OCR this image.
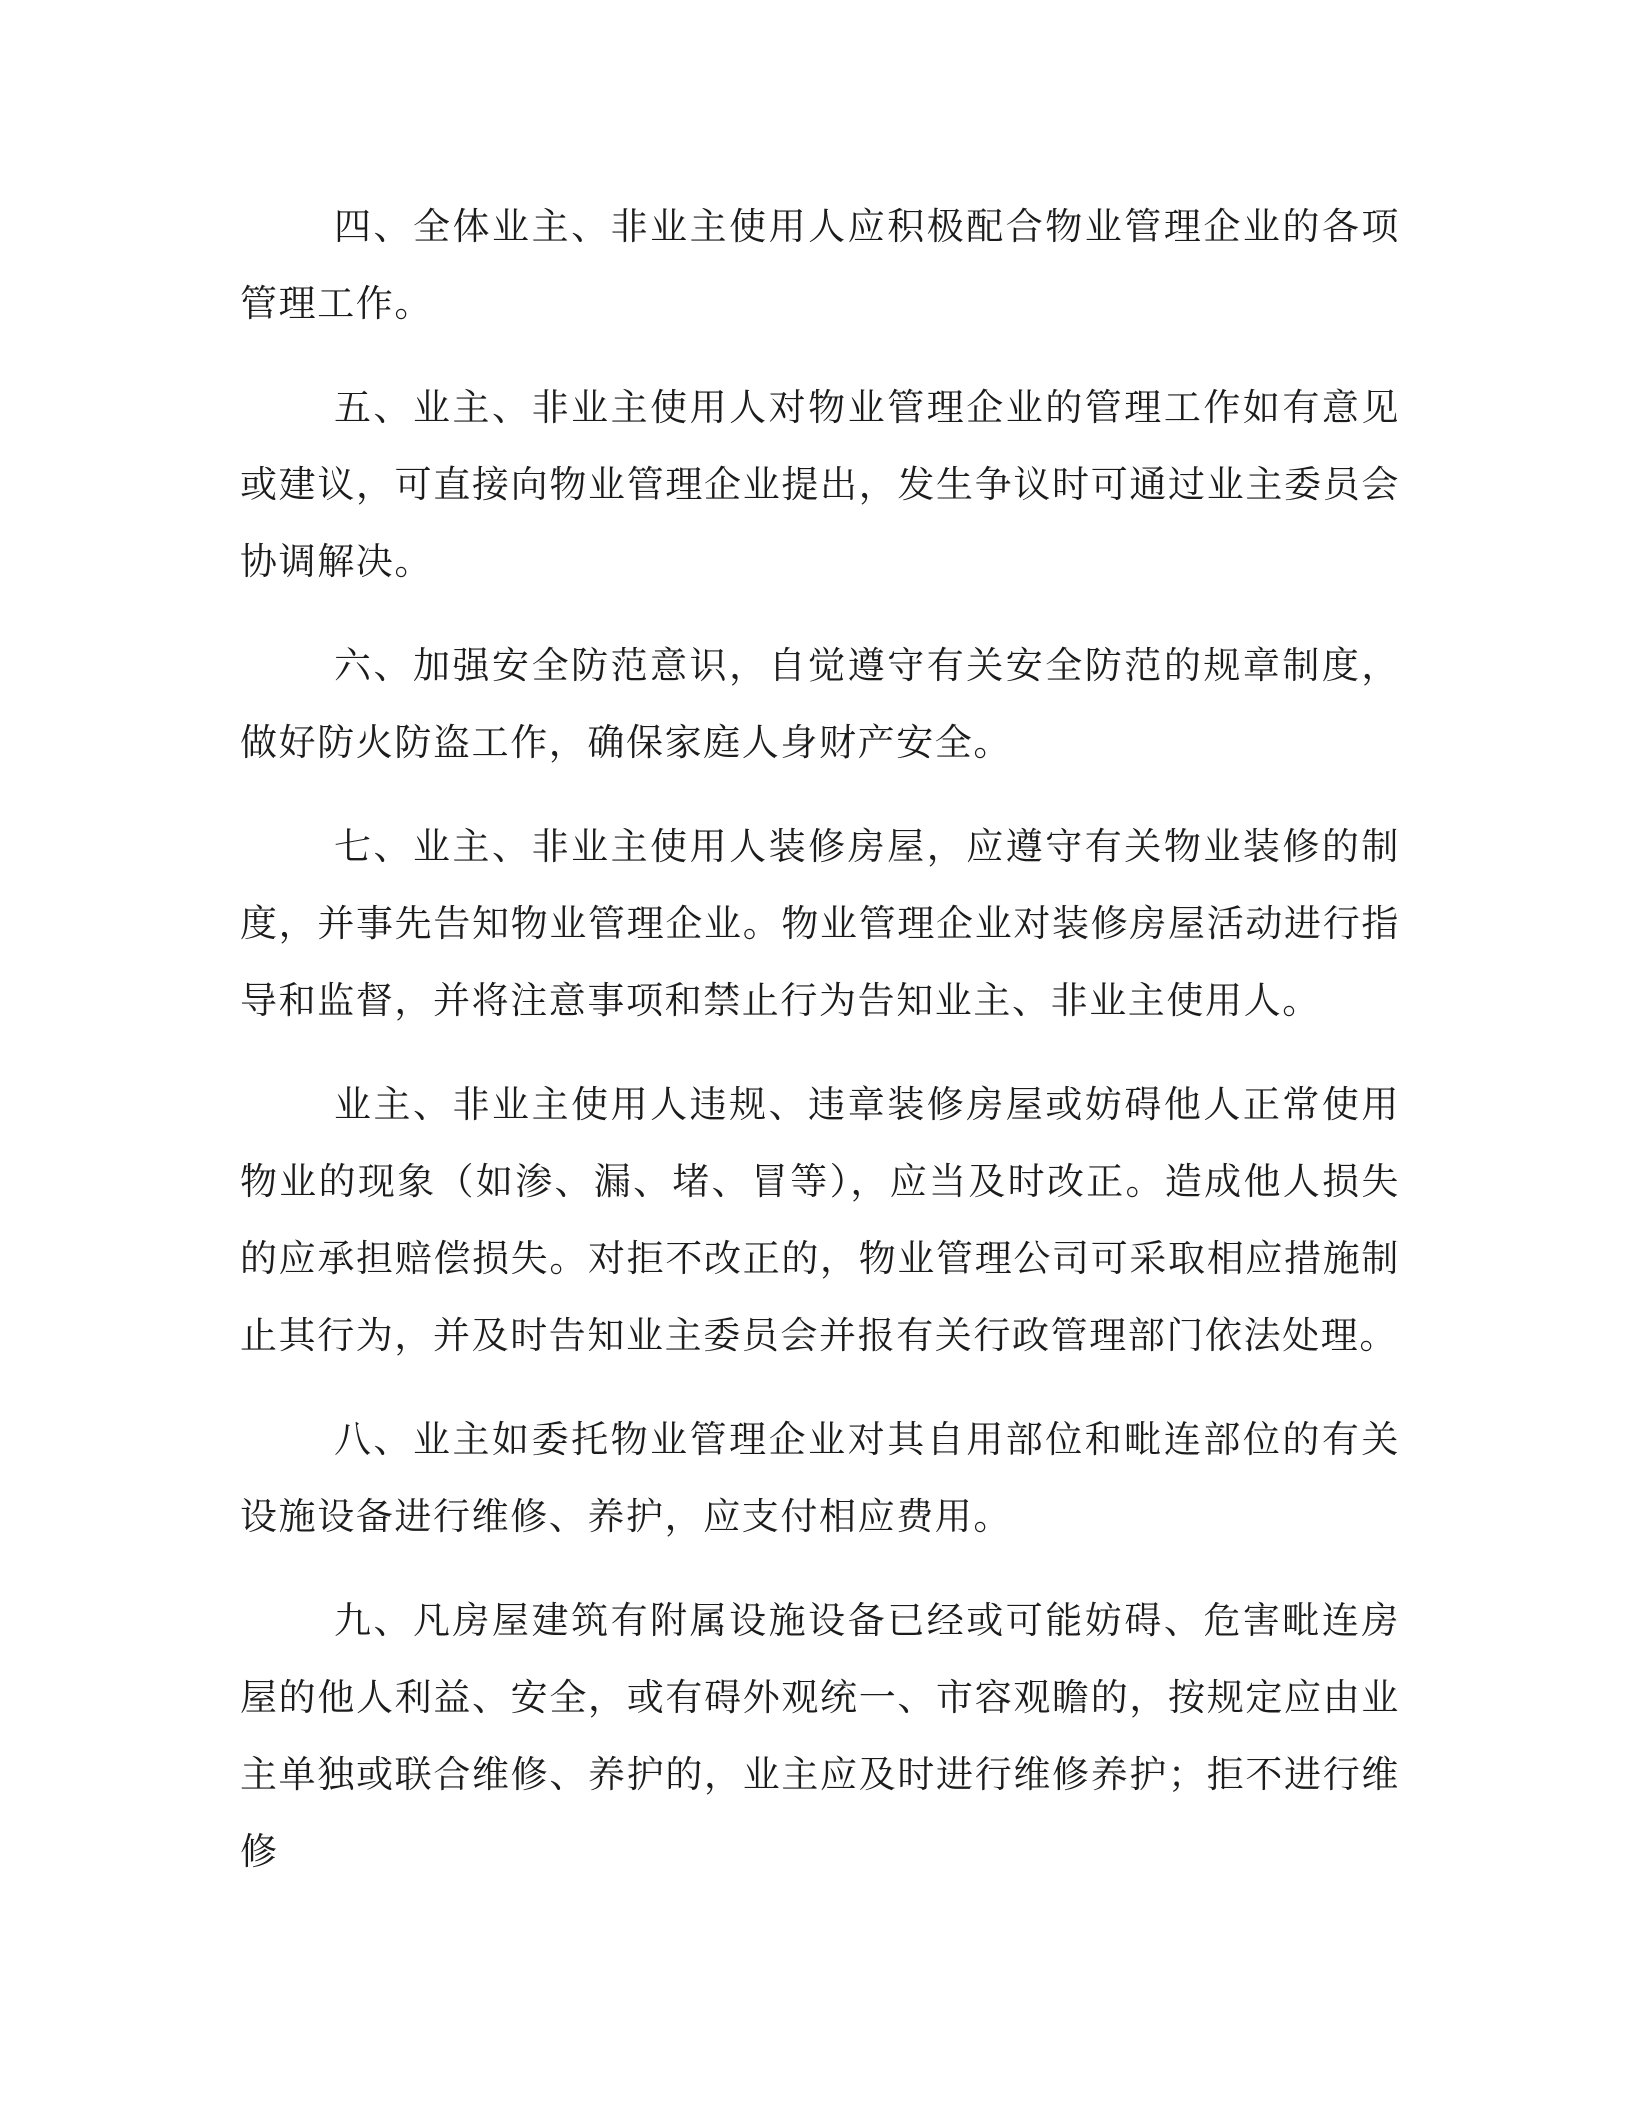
四、全体业主、非业主使用人应积极配合物业管理企业的各项管理工作。

五、业主、非业主使用人对物业管理企业的管理工作如有意见或建议，可直接向物业管理企业提出，发生争议时可通过业主委员会协调解决。

六、加强安全防范意识，自觉遵守有关安全防范的规章制度，做好防火防盗工作，确保家庭人身财产安全。

七、业主、非业主使用人装修房屋，应遵守有关物业装修的制度，并事先告知物业管理企业。物业管理企业对装修房屋活动进行指导和监督，并将注意事项和禁止行为告知业主、非业主使用人。

业主、非业主使用人违规、违章装修房屋或妨碍他人正常使用物业的现象（如渗、漏、堵、冒等），应当及时改正。造成他人损失的应承担赔偿损失。对拒不改正的，物业管理公司可采取相应措施制止其行为，并及时告知业主委员会并报有关行政管理部门依法处理。

八、业主如委托物业管理企业对其自用部位和毗连部位的有关设施设备进行维修、养护，应支付相应费用。

九、凡房屋建筑有附属设施设备已经或可能妨碍、危害毗连房屋的他人利益、安全，或有碍外观统一、市容观瞻的，按规定应由业主单独或联合维修、养护的，业主应及时进行维修养护；拒不进行维修
